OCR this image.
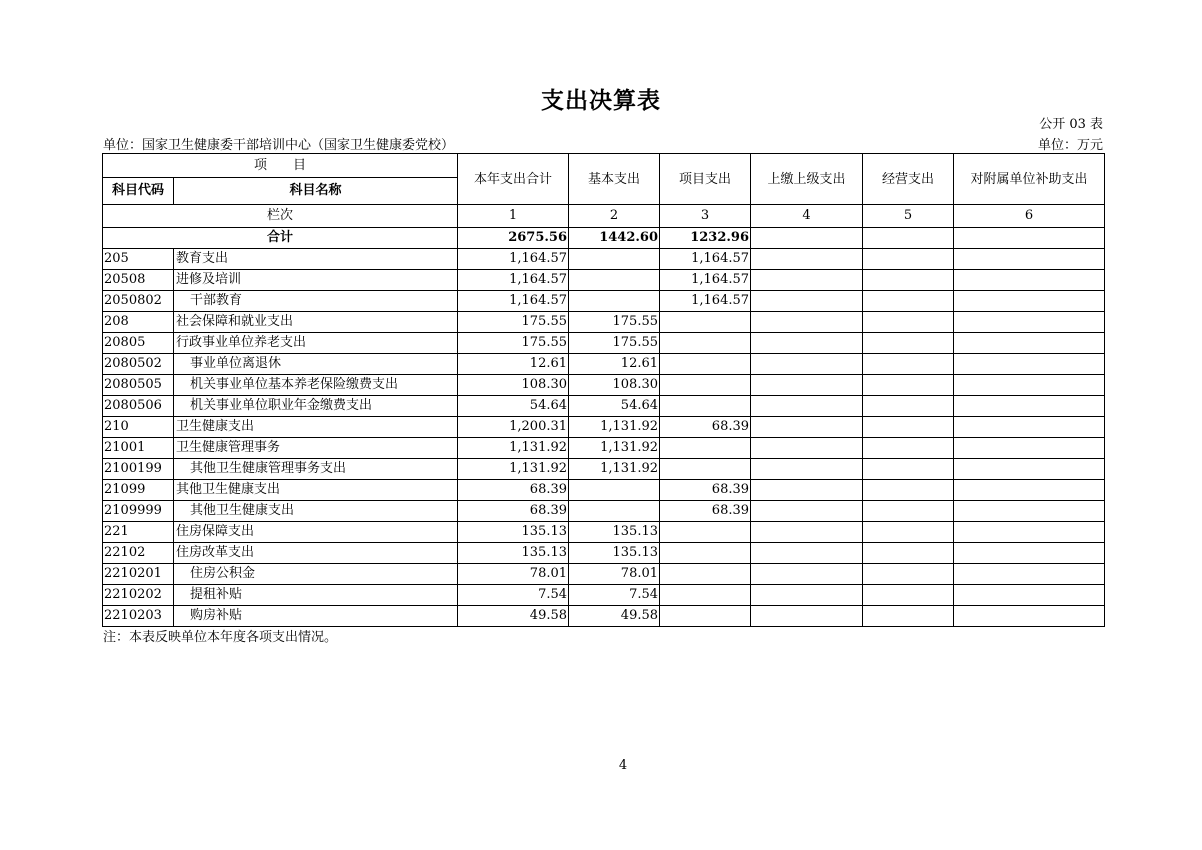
支出决算表
公开 03 表
单位：国家卫生健康委干部培训中心（国家卫生健康委党校）	单位：万元
项　　目		本年支出合计	基本支出	项目支出	上缴上级支出	经营支出	对附属单位补助支出
科目代码	科目名称						
栏次		1	2	3	4	5	6
合计		2675.56	1442.60	1232.96			
205	教育支出	1,164.57		1,164.57			
20508	进修及培训	1,164.57		1,164.57			
2050802	干部教育	1,164.57		1,164.57			
208	社会保障和就业支出	175.55	175.55				
20805	行政事业单位养老支出	175.55	175.55				
2080502	事业单位离退休	12.61	12.61				
2080505	机关事业单位基本养老保险缴费支出	108.30	108.30				
2080506	机关事业单位职业年金缴费支出	54.64	54.64				
210	卫生健康支出	1,200.31	1,131.92	68.39			
21001	卫生健康管理事务	1,131.92	1,131.92				
2100199	其他卫生健康管理事务支出	1,131.92	1,131.92				
21099	其他卫生健康支出	68.39		68.39			
2109999	其他卫生健康支出	68.39		68.39			
221	住房保障支出	135.13	135.13				
22102	住房改革支出	135.13	135.13				
2210201	住房公积金	78.01	78.01				
2210202	提租补贴	7.54	7.54				
2210203	购房补贴	49.58	49.58				
注：本表反映单位本年度各项支出情况。
4
